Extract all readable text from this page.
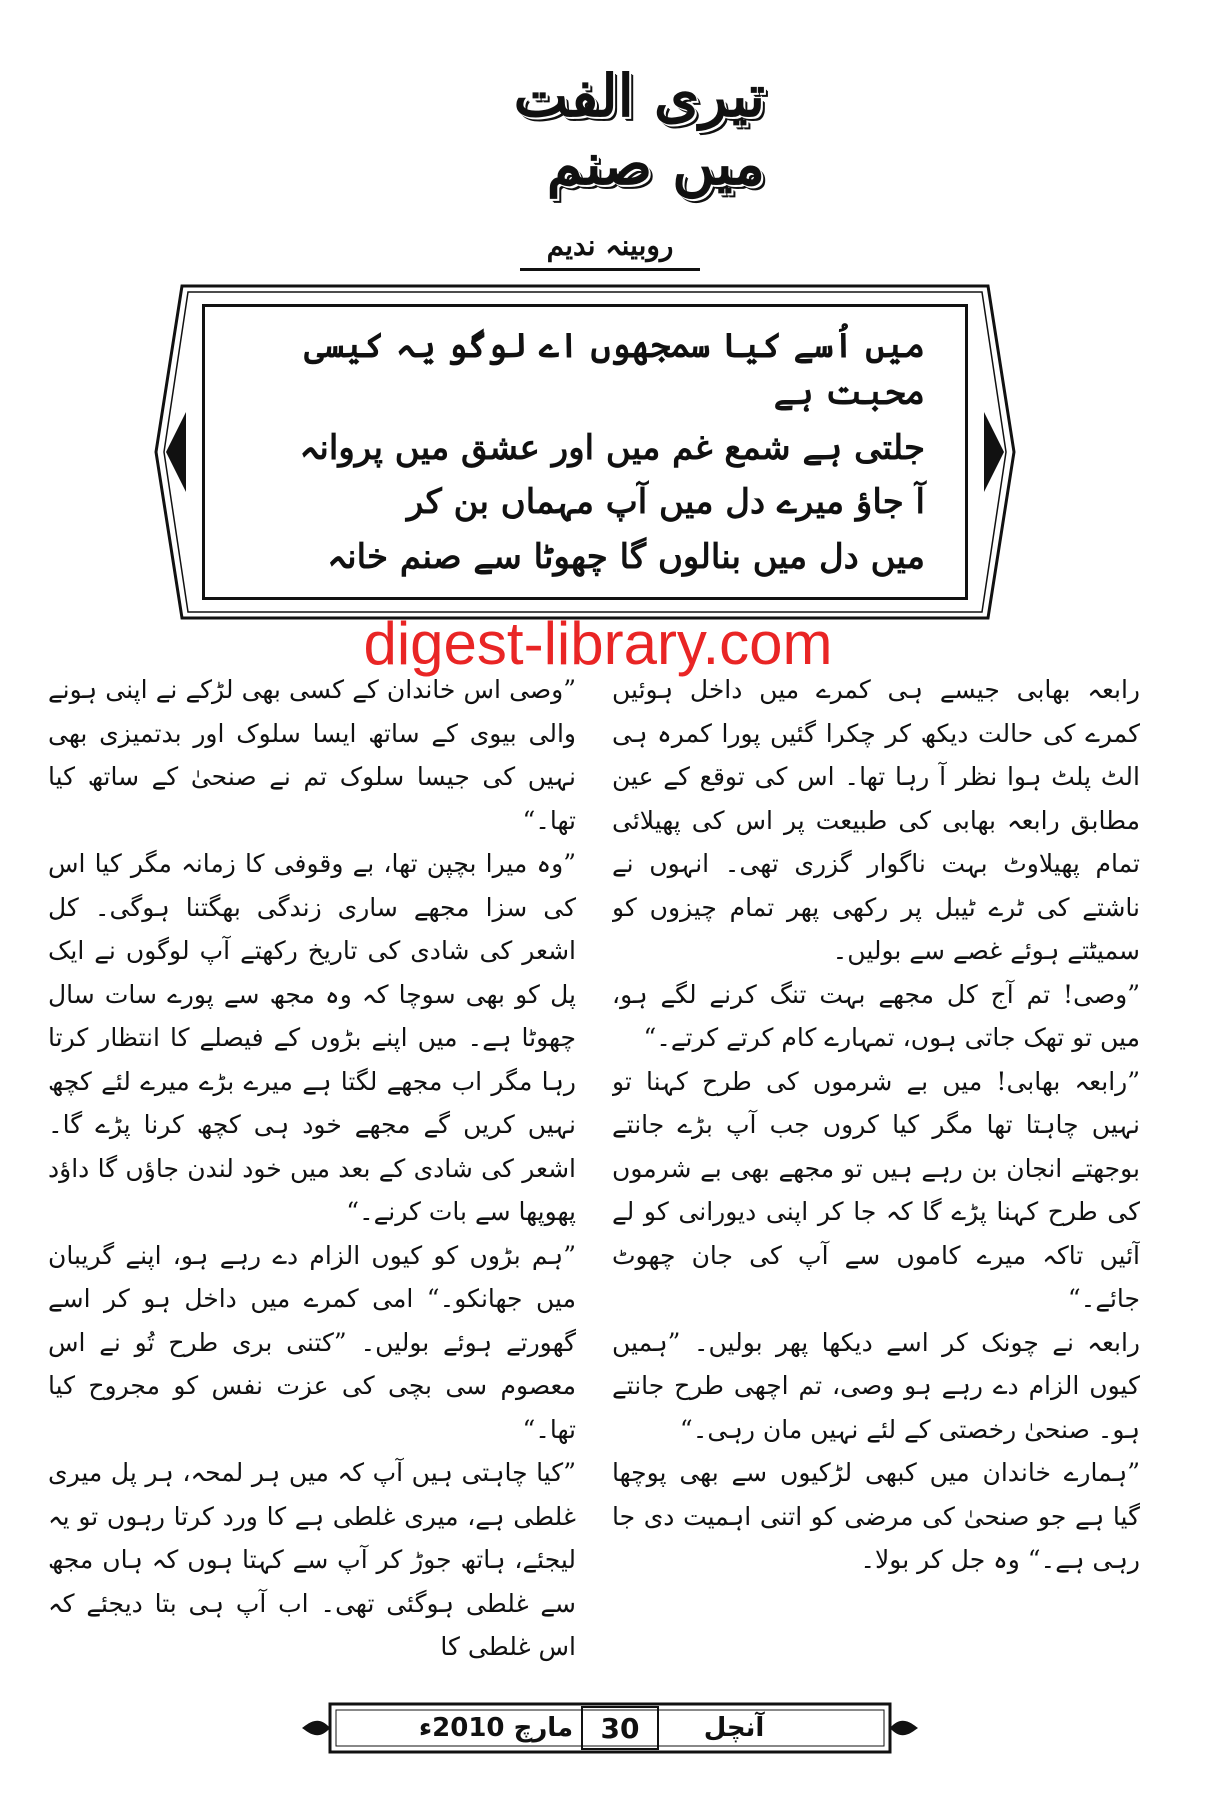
تیری الفت میں صنم
روبینہ ندیم
میں اُسے کیا سمجھوں اے لوگو یہ کیسی محبت ہے
جلتی ہے شمع غم میں اور عشق میں پروانہ
آ جاؤ میرے دل میں آپ مہماں بن کر
میں دل میں بنالوں گا چھوٹا سے صنم خانہ
digest-library.com

رابعہ بھابی جیسے ہی کمرے میں داخل ہوئیں کمرے کی حالت دیکھ کر چکرا گئیں پورا کمرہ ہی الٹ پلٹ ہوا نظر آ رہا تھا۔ اس کی توقع کے عین مطابق رابعہ بھابی کی طبیعت پر اس کی پھیلائی تمام پھیلاوٹ بہت ناگوار گزری تھی۔ انہوں نے ناشتے کی ٹرے ٹیبل پر رکھی پھر تمام چیزوں کو سمیٹتے ہوئے غصے سے بولیں۔

”وصی! تم آج کل مجھے بہت تنگ کرنے لگے ہو، میں تو تھک جاتی ہوں، تمہارے کام کرتے کرتے۔“

”رابعہ بھابی! میں بے شرموں کی طرح کہنا تو نہیں چاہتا تھا مگر کیا کروں جب آپ بڑے جانتے بوجھتے انجان بن رہے ہیں تو مجھے بھی بے شرموں کی طرح کہنا پڑے گا کہ جا کر اپنی دیورانی کو لے آئیں تاکہ میرے کاموں سے آپ کی جان چھوٹ جائے۔“

رابعہ نے چونک کر اسے دیکھا پھر بولیں۔ ”ہمیں کیوں الزام دے رہے ہو وصی، تم اچھی طرح جانتے ہو۔ صنحیٰ رخصتی کے لئے نہیں مان رہی۔“

”ہمارے خاندان میں کبھی لڑکیوں سے بھی پوچھا گیا ہے جو صنحیٰ کی مرضی کو اتنی اہمیت دی جا رہی ہے۔“ وہ جل کر بولا۔

”وصی اس خاندان کے کسی بھی لڑکے نے اپنی ہونے والی بیوی کے ساتھ ایسا سلوک اور بدتمیزی بھی نہیں کی جیسا سلوک تم نے صنحیٰ کے ساتھ کیا تھا۔“

”وہ میرا بچپن تھا، بے وقوفی کا زمانہ مگر کیا اس کی سزا مجھے ساری زندگی بھگتنا ہوگی۔ کل اشعر کی شادی کی تاریخ رکھتے آپ لوگوں نے ایک پل کو بھی سوچا کہ وہ مجھ سے پورے سات سال چھوٹا ہے۔ میں اپنے بڑوں کے فیصلے کا انتظار کرتا رہا مگر اب مجھے لگتا ہے میرے بڑے میرے لئے کچھ نہیں کریں گے مجھے خود ہی کچھ کرنا پڑے گا۔ اشعر کی شادی کے بعد میں خود لندن جاؤں گا داؤد پھوپھا سے بات کرنے۔“

”ہم بڑوں کو کیوں الزام دے رہے ہو، اپنے گریبان میں جھانکو۔“ امی کمرے میں داخل ہو کر اسے گھورتے ہوئے بولیں۔ ”کتنی بری طرح تُو نے اس معصوم سی بچی کی عزت نفس کو مجروح کیا تھا۔“

”کیا چاہتی ہیں آپ کہ میں ہر لمحہ، ہر پل میری غلطی ہے، میری غلطی ہے کا ورد کرتا رہوں تو یہ لیجئے، ہاتھ جوڑ کر آپ سے کہتا ہوں کہ ہاں مجھ سے غلطی ہوگئی تھی۔ اب آپ ہی بتا دیجئے کہ اس غلطی کا

آنچل
30
مارچ 2010ء
